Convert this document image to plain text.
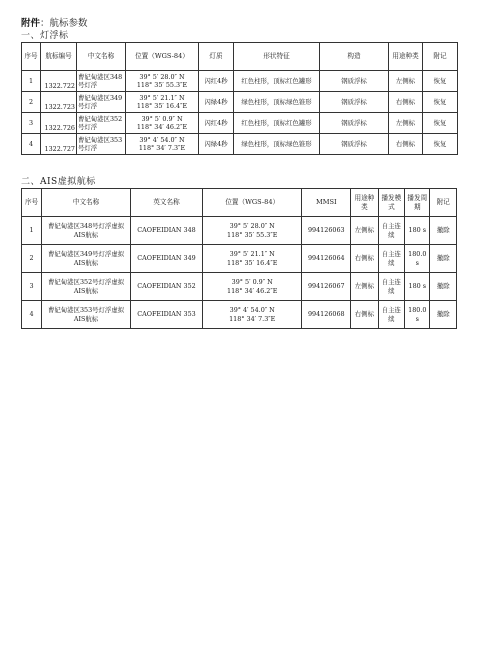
附件：航标参数

一、灯浮标

序号	航标编号	中文名称	位置（WGS-84）	灯质	形状特征	构造	用途种类	附记
1	1322.722	曹妃甸港区348号灯浮	39° 5′ 28.0″ N
118° 35′ 55.3″E	闪红4秒	红色柱形，顶标红色罐形	钢质浮标	左侧标	恢复
2	1322.723	曹妃甸港区349号灯浮	39° 5′ 21.1″ N
118° 35′ 16.4″E	闪绿4秒	绿色柱形，顶标绿色锥形	钢质浮标	右侧标	恢复
3	1322.726	曹妃甸港区352号灯浮	39° 5′ 0.9″ N
118° 34′ 46.2″E	闪红4秒	红色柱形，顶标红色罐形	钢质浮标	左侧标	恢复
4	1322.727	曹妃甸港区353号灯浮	39° 4′ 54.0″ N
118° 34′ 7.3″E	闪绿4秒	绿色柱形，顶标绿色锥形	钢质浮标	右侧标	恢复

二、AIS虚拟航标

序号	中文名称	英文名称	位置（WGS-84）	MMSI	用途种类	播发模式	播发周期	附记
1	曹妃甸港区348号灯浮虚拟AIS航标	CAOFEIDIAN 348	39° 5′ 28.0″ N
118° 35′ 55.3″E	994126063	左侧标	自主连续	180 s	撤除
2	曹妃甸港区349号灯浮虚拟AIS航标	CAOFEIDIAN 349	39° 5′ 21.1″ N
118° 35′ 16.4″E	994126064	右侧标	自主连续	180.0 s	撤除
3	曹妃甸港区352号灯浮虚拟AIS航标	CAOFEIDIAN 352	39° 5′ 0.9″ N
118° 34′ 46.2″E	994126067	左侧标	自主连续	180 s	撤除
4	曹妃甸港区353号灯浮虚拟AIS航标	CAOFEIDIAN 353	39° 4′ 54.0″ N
118° 34′ 7.3″E	994126068	右侧标	自主连续	180.0 s	撤除
